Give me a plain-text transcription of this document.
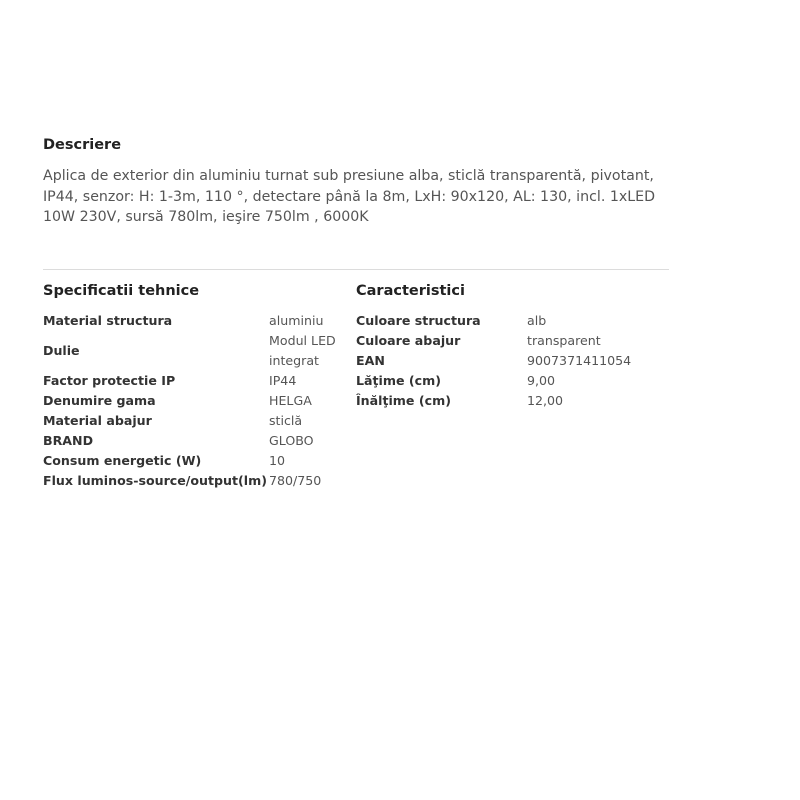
Descriere

Aplica de exterior din aluminiu turnat sub presiune alba, sticlă transparentă, pivotant, IP44, senzor: H: 1-3m, 110 °, detectare până la 8m, LxH: 90x120, AL: 130, incl. 1xLED 10W 230V, sursă 780lm, ieşire 750lm , 6000K

Specificatii tehnice	Caracteristici
Material structura	aluminiu
Dulie	Modul LED integrat
Factor protectie IP	IP44
Denumire gama	HELGA
Material abajur	sticlă
BRAND	GLOBO
Consum energetic (W)	10
Flux luminos-source/output(lm)	780/750
Culoare structura	alb
Culoare abajur	transparent
EAN	9007371411054
Lăţime (cm)	9,00
Înălţime (cm)	12,00
